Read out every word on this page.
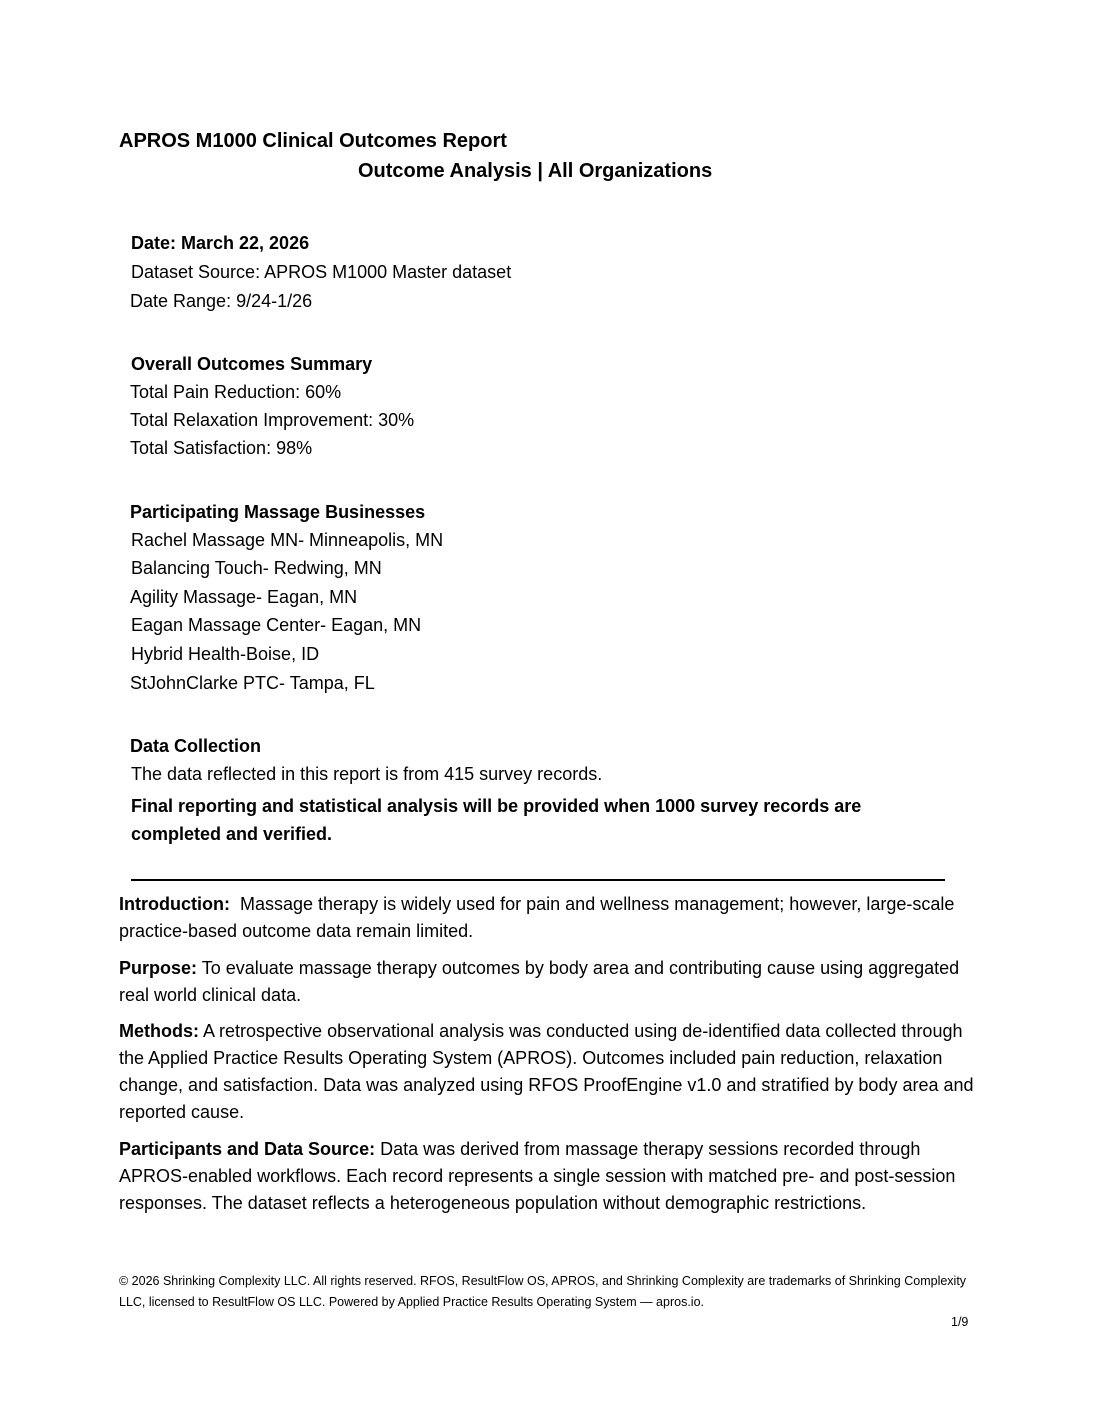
APROS M1000 Clinical Outcomes Report
Outcome Analysis | All Organizations
Date: March 22, 2026
Dataset Source: APROS M1000 Master dataset
Date Range: 9/24-1/26
Overall Outcomes Summary
Total Pain Reduction: 60%
Total Relaxation Improvement: 30%
Total Satisfaction: 98%
Participating Massage Businesses
Rachel Massage MN- Minneapolis, MN
Balancing Touch- Redwing, MN
Agility Massage- Eagan, MN
Eagan Massage Center- Eagan, MN
Hybrid Health-Boise, ID
StJohnClarke PTC- Tampa, FL
Data Collection
The data reflected in this report is from 415 survey records.
Final reporting and statistical analysis will be provided when 1000 survey records are
completed and verified.
Introduction: Massage therapy is widely used for pain and wellness management; however, large-scale practice-based outcome data remain limited.
Purpose: To evaluate massage therapy outcomes by body area and contributing cause using aggregated real world clinical data.
Methods: A retrospective observational analysis was conducted using de-identified data collected through the Applied Practice Results Operating System (APROS). Outcomes included pain reduction, relaxation change, and satisfaction. Data was analyzed using RFOS ProofEngine v1.0 and stratified by body area and reported cause.
Participants and Data Source: Data was derived from massage therapy sessions recorded through APROS-enabled workflows. Each record represents a single session with matched pre- and post-session responses. The dataset reflects a heterogeneous population without demographic restrictions.
© 2026 Shrinking Complexity LLC. All rights reserved. RFOS, ResultFlow OS, APROS, and Shrinking Complexity are trademarks of Shrinking Complexity LLC, licensed to ResultFlow OS LLC. Powered by Applied Practice Results Operating System — apros.io.
1/9
